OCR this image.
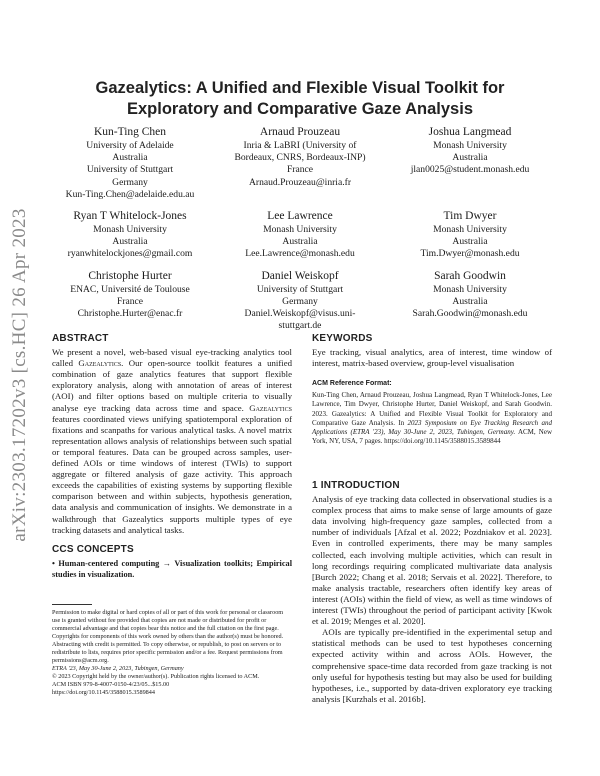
arXiv:2303.17202v3 [cs.HC] 26 Apr 2023
Gazealytics: A Unified and Flexible Visual Toolkit for
Exploratory and Comparative Gaze Analysis
Kun-Ting Chen
University of Adelaide
Australia
University of Stuttgart
Germany
Kun-Ting.Chen@adelaide.edu.au
Arnaud Prouzeau
Inria & LaBRI (University of
Bordeaux, CNRS, Bordeaux-INP)
France
Arnaud.Prouzeau@inria.fr
Joshua Langmead
Monash University
Australia
jlan0025@student.monash.edu
Ryan T Whitelock-Jones
Monash University
Australia
ryanwhitelockjones@gmail.com
Lee Lawrence
Monash University
Australia
Lee.Lawrence@monash.edu
Tim Dwyer
Monash University
Australia
Tim.Dwyer@monash.edu
Christophe Hurter
ENAC, Université de Toulouse
France
Christophe.Hurter@enac.fr
Daniel Weiskopf
University of Stuttgart
Germany
Daniel.Weiskopf@visus.uni-
stuttgart.de
Sarah Goodwin
Monash University
Australia
Sarah.Goodwin@monash.edu
ABSTRACT

We present a novel, web-based visual eye-tracking analytics tool called Gazealytics. Our open-source toolkit features a unified combination of gaze analytics features that support flexible exploratory analysis, along with annotation of areas of interest (AOI) and filter options based on multiple criteria to visually analyse eye tracking data across time and space. Gazealytics features coordinated views unifying spatiotemporal exploration of fixations and scanpaths for various analytical tasks. A novel matrix representation allows analysis of relationships between such spatial or temporal features. Data can be grouped across samples, user-defined AOIs or time windows of interest (TWIs) to support aggregate or filtered analysis of gaze activity. This approach exceeds the capabilities of existing systems by supporting flexible comparison between and within subjects, hypothesis generation, data analysis and communication of insights. We demonstrate in a walkthrough that Gazealytics supports multiple types of eye tracking datasets and analytical tasks.

CCS CONCEPTS

• Human-centered computing → Visualization toolkits; Empirical studies in visualization.

Permission to make digital or hard copies of all or part of this work for personal or classroom use is granted without fee provided that copies are not made or distributed for profit or commercial advantage and that copies bear this notice and the full citation on the first page. Copyrights for components of this work owned by others than the author(s) must be honored. Abstracting with credit is permitted. To copy otherwise, or republish, to post on servers or to redistribute to lists, requires prior specific permission and/or a fee. Request permissions from permissions@acm.org.

ETRA '23, May 30-June 2, 2023, Tubingen, Germany

© 2023 Copyright held by the owner/author(s). Publication rights licensed to ACM.

ACM ISBN 979-8-4007-0150-4/23/05...$15.00

https://doi.org/10.1145/3588015.3589844

KEYWORDS

Eye tracking, visual analytics, area of interest, time window of interest, matrix-based overview, group-level visualisation

ACM Reference Format:

Kun-Ting Chen, Arnaud Prouzeau, Joshua Langmead, Ryan T Whitelock-Jones, Lee Lawrence, Tim Dwyer, Christophe Hurter, Daniel Weiskopf, and Sarah Goodwin. 2023. Gazealytics: A Unified and Flexible Visual Toolkit for Exploratory and Comparative Gaze Analysis. In 2023 Symposium on Eye Tracking Research and Applications (ETRA '23), May 30-June 2, 2023, Tubingen, Germany. ACM, New York, NY, USA, 7 pages. https://doi.org/10.1145/3588015.3589844

1 INTRODUCTION

Analysis of eye tracking data collected in observational studies is a complex process that aims to make sense of large amounts of gaze data involving high-frequency gaze samples, collected from a number of individuals [Afzal et al. 2022; Pozdniakov et al. 2023]. Even in controlled experiments, there may be many samples collected, each involving multiple activities, which can result in long recordings requiring complicated multivariate data analysis [Burch 2022; Chang et al. 2018; Servais et al. 2022]. Therefore, to make analysis tractable, researchers often identify key areas of interest (AOIs) within the field of view, as well as time windows of interest (TWIs) throughout the period of participant activity [Kwok et al. 2019; Menges et al. 2020].

AOIs are typically pre-identified in the experimental setup and statistical methods can be used to test hypotheses concerning expected activity within and across AOIs. However, the comprehensive space-time data recorded from gaze tracking is not only useful for hypothesis testing but may also be used for building hypotheses, i.e., supported by data-driven exploratory eye tracking analysis [Kurzhals et al. 2016b].
